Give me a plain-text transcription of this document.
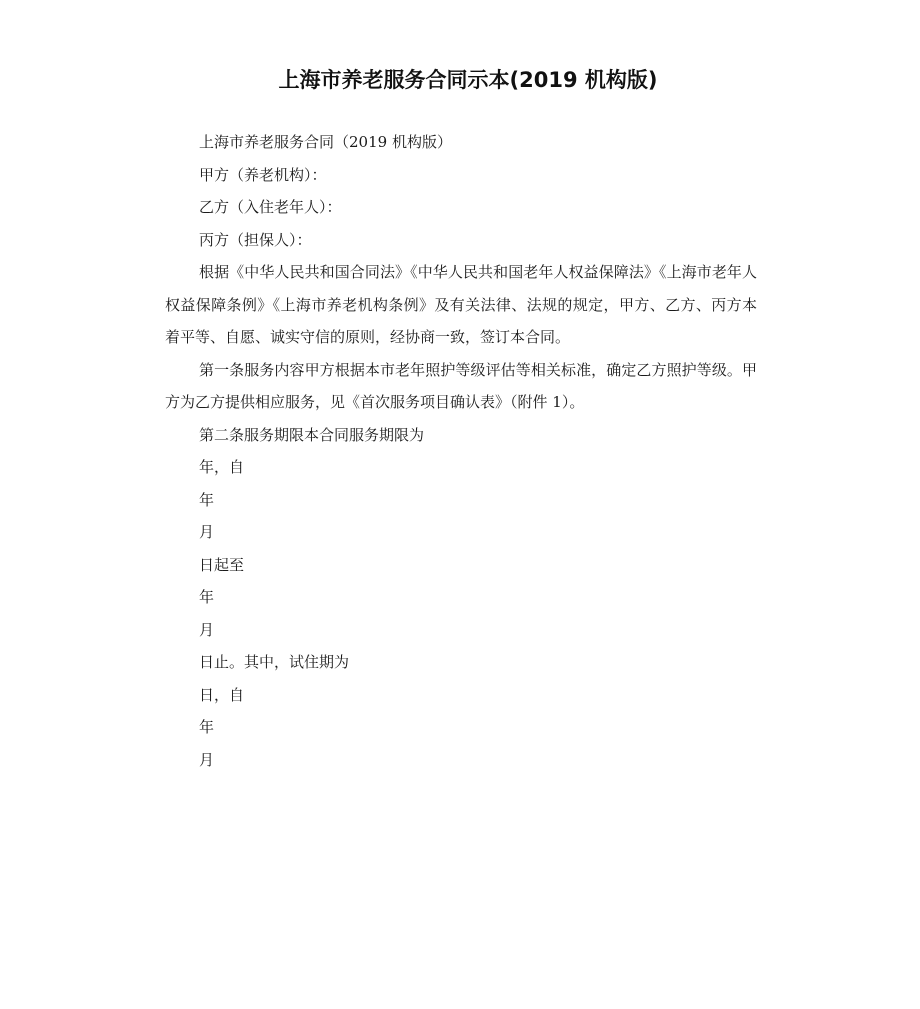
上海市养老服务合同示本(2019 机构版)

上海市养老服务合同（2019 机构版）

甲方（养老机构）：

乙方（入住老年人）：

丙方（担保人）：

根据《中华人民共和国合同法》《中华人民共和国老年人权益保障法》《上海市老年人权益保障条例》《上海市养老机构条例》及有关法律、法规的规定，甲方、乙方、丙方本着平等、自愿、诚实守信的原则，经协商一致，签订本合同。

第一条服务内容甲方根据本市老年照护等级评估等相关标准，确定乙方照护等级。甲方为乙方提供相应服务，见《首次服务项目确认表》（附件 1）。

第二条服务期限本合同服务期限为

年，自

年

月

日起至

年

月

日止。其中，试住期为

日，自

年

月
